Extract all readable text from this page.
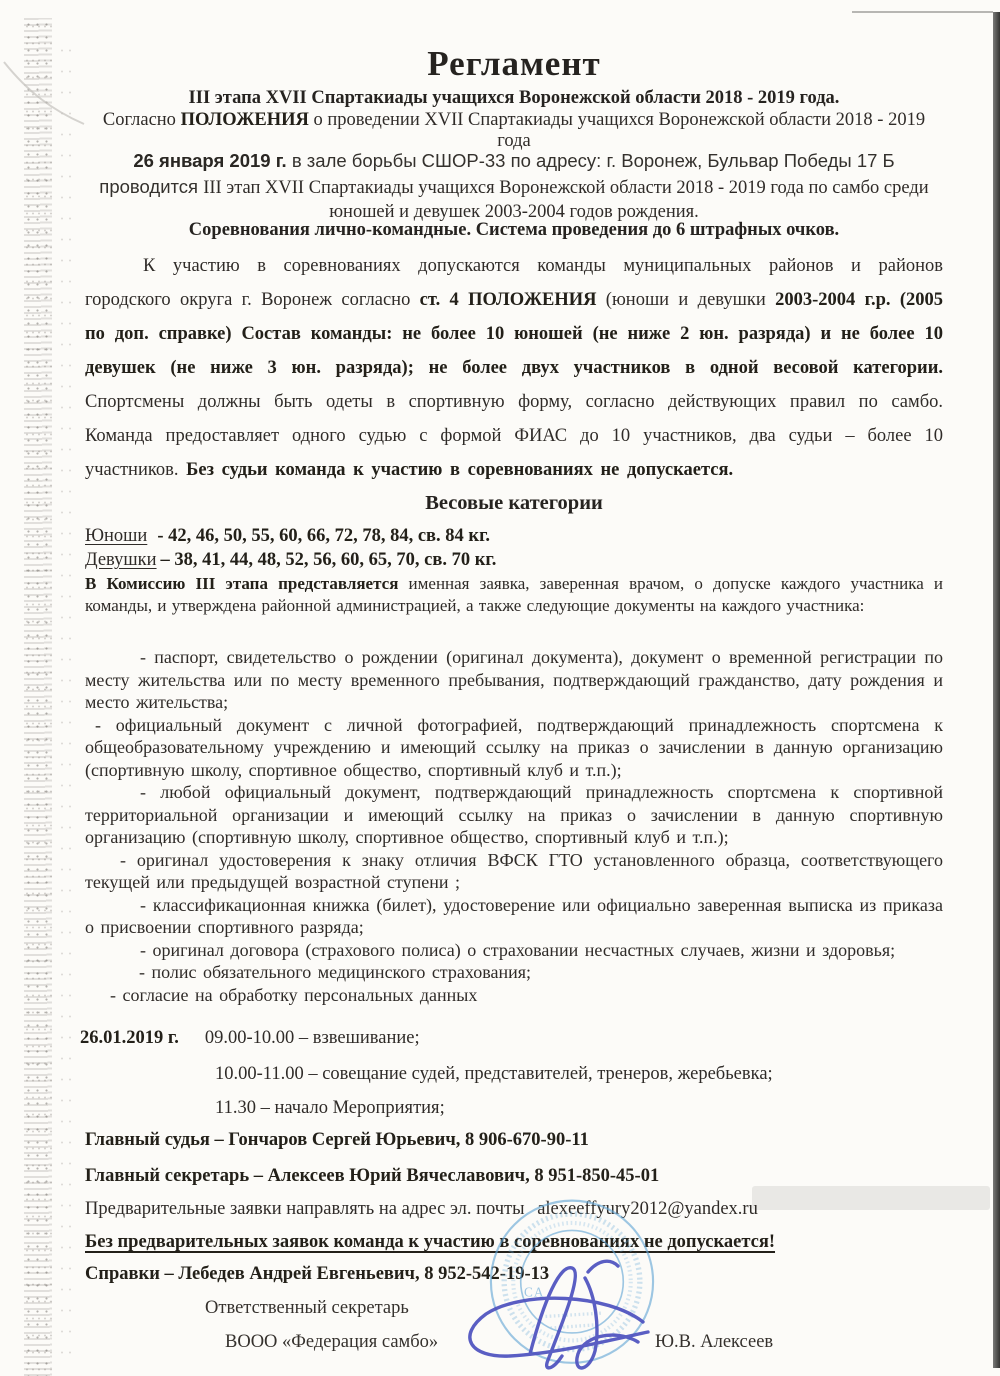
Регламент
III этапа XVII Спартакиады учащихся Воронежской области 2018 - 2019 года.
Согласно ПОЛОЖЕНИЯ о проведении XVII Спартакиады учащихся Воронежской области 2018 - 2019 года
26 января 2019 г. в зале борьбы СШОР-33 по адресу: г. Воронеж, Бульвар Победы 17 Б проводится III этап XVII Спартакиады учащихся Воронежской области 2018 - 2019 года по самбо среди юношей и девушек 2003-2004 годов рождения.
Соревнования лично-командные. Система проведения до 6 штрафных очков.
К участию в соревнованиях допускаются команды муниципальных районов и районов городского округа г. Воронеж согласно ст. 4 ПОЛОЖЕНИЯ (юноши и девушки 2003-2004 г.р. (2005 по доп. справке) Состав команды: не более 10 юношей (не ниже 2 юн. разряда) и не более 10 девушек (не ниже 3 юн. разряда); не более двух участников в одной весовой категории. Спортсмены должны быть одеты в спортивную форму, согласно действующих правил по самбо. Команда предоставляет одного судью с формой ФИАС до 10 участников, два судьи – более 10 участников. Без судьи команда к участию в соревнованиях не допускается.
Весовые категории
Юноши - 42, 46, 50, 55, 60, 66, 72, 78, 84, св. 84 кг.
Девушки – 38, 41, 44, 48, 52, 56, 60, 65, 70, св. 70 кг.
В Комиссию III этапа представляется именная заявка, заверенная врачом, о допуске каждого участника и команды, и утверждена районной администрацией, а также следующие документы на каждого участника:

- паспорт, свидетельство о рождении (оригинал документа), документ о временной регистрации по месту жительства или по месту временного пребывания, подтверждающий гражданство, дату рождения и место жительства;

- официальный документ с личной фотографией, подтверждающий принадлежность спортсмена к общеобразовательному учреждению и имеющий ссылку на приказ о зачислении в данную организацию (спортивную школу, спортивное общество, спортивный клуб и т.п.);

- любой официальный документ, подтверждающий принадлежность спортсмена к спортивной территориальной организации и имеющий ссылку на приказ о зачислении в данную спортивную организацию (спортивную школу, спортивное общество, спортивный клуб и т.п.);

- оригинал удостоверения к знаку отличия ВФСК ГТО установленного образца, соответствующего текущей или предыдущей возрастной ступени ;

- классификационная книжка (билет), удостоверение или официально заверенная выписка из приказа о присвоении спортивного разряда;

- оригинал договора (страхового полиса) о страховании несчастных случаев, жизни и здоровья;

- полис обязательного медицинского страхования;

- согласие на обработку персональных данных

26.01.2019 г. 09.00-10.00 – взвешивание;
10.00-11.00 – совещание судей, представителей, тренеров, жеребьевка;
11.30 – начало Мероприятия;
Главный судья – Гончаров Сергей Юрьевич, 8 906-670-90-11
Главный секретарь – Алексеев Юрий Вячеславович, 8 951-850-45-01
Предварительные заявки направлять на адрес эл. почты alexeeffyury2012@yandex.ru
Без предварительных заявок команда к участию в соревнованиях не допускается!
Справки – Лебедев Андрей Евгеньевич, 8 952-542-19-13
Ответственный секретарь
ВООО «Федерация самбо»	Ю.В. Алексеев
СА
